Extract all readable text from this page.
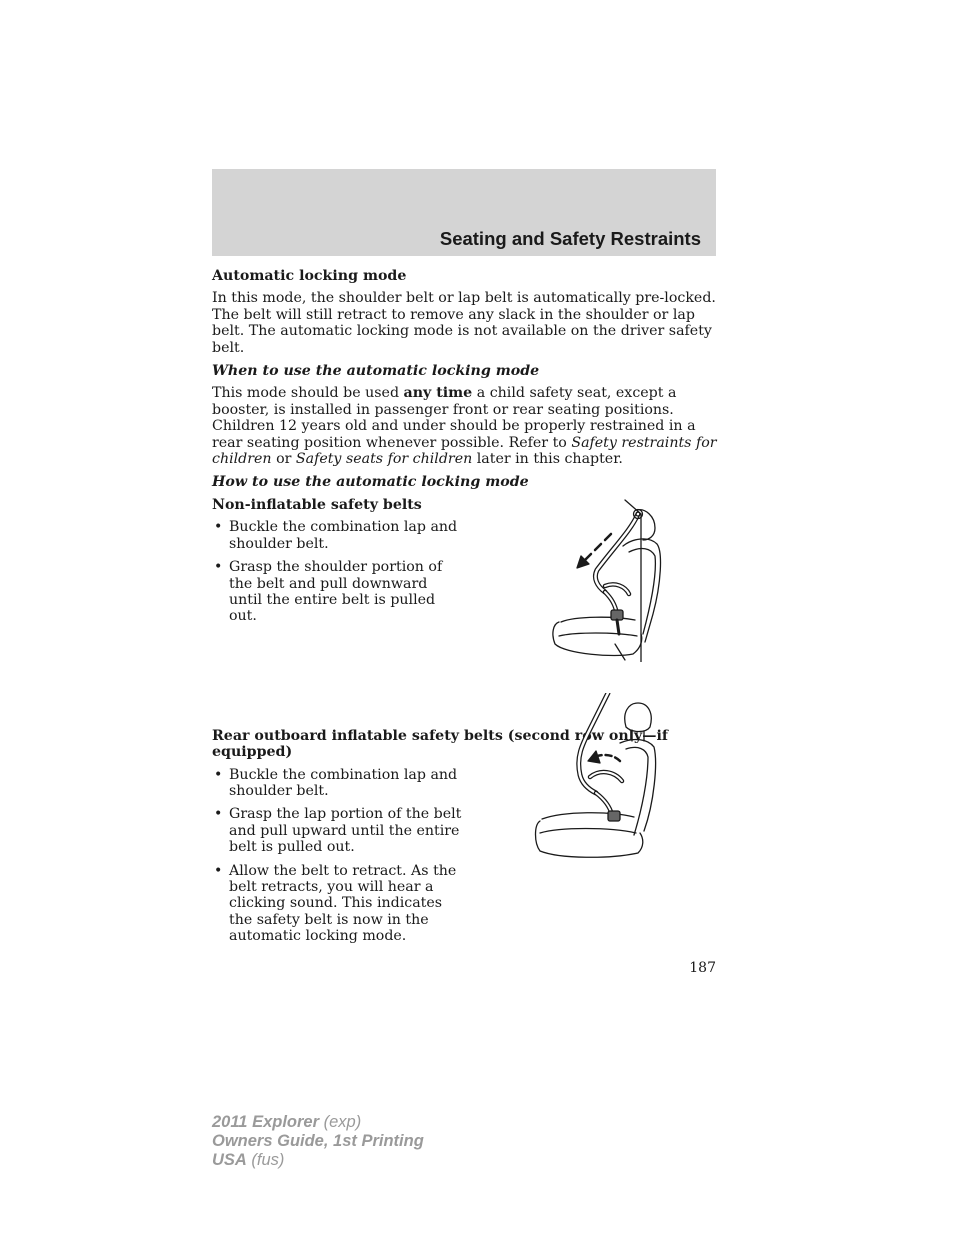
Seating and Safety Restraints
Automatic locking mode

In this mode, the shoulder belt or lap belt is automatically pre-locked. The belt will still retract to remove any slack in the shoulder or lap belt. The automatic locking mode is not available on the driver safety belt.

When to use the automatic locking mode

This mode should be used any time a child safety seat, except a booster, is installed in passenger front or rear seating positions. Children 12 years old and under should be properly restrained in a rear seating position whenever possible. Refer to Safety restraints for children or Safety seats for children later in this chapter.

How to use the automatic locking mode
Non-inflatable safety belts
• Buckle the combination lap and shoulder belt.
• Grasp the shoulder portion of the belt and pull downward until the entire belt is pulled out.
Rear outboard inflatable safety belts (second row only—if equipped)
• Buckle the combination lap and shoulder belt.
• Grasp the lap portion of the belt and pull upward until the entire belt is pulled out.
• Allow the belt to retract. As the belt retracts, you will hear a clicking sound. This indicates the safety belt is now in the automatic locking mode.
187
2011 Explorer (exp)
Owners Guide, 1st Printing
USA (fus)
